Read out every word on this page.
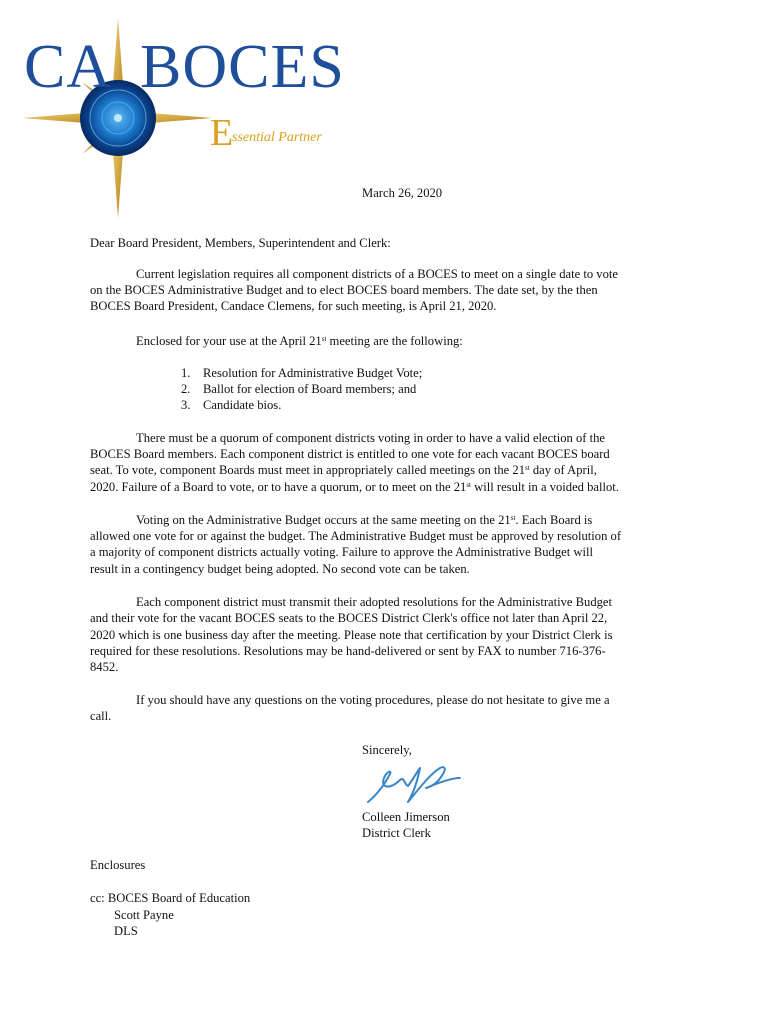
CA BOCES
E
ssential Partner
March 26, 2020
Dear Board President, Members, Superintendent and Clerk:
Current legislation requires all component districts of a BOCES to meet on a single date to vote
on the BOCES Administrative Budget and to elect BOCES board members. The date set, by the then
BOCES Board President, Candace Clemens, for such meeting, is April 21, 2020.
Enclosed for your use at the April 21st meeting are the following:
1. Resolution for Administrative Budget Vote;
2. Ballot for election of Board members; and
3. Candidate bios.
There must be a quorum of component districts voting in order to have a valid election of the
BOCES Board members. Each component district is entitled to one vote for each vacant BOCES board
seat. To vote, component Boards must meet in appropriately called meetings on the 21st day of April,
2020. Failure of a Board to vote, or to have a quorum, or to meet on the 21st will result in a voided ballot.
Voting on the Administrative Budget occurs at the same meeting on the 21st. Each Board is
allowed one vote for or against the budget. The Administrative Budget must be approved by resolution of
a majority of component districts actually voting. Failure to approve the Administrative Budget will
result in a contingency budget being adopted. No second vote can be taken.
Each component district must transmit their adopted resolutions for the Administrative Budget
and their vote for the vacant BOCES seats to the BOCES District Clerk's office not later than April 22,
2020 which is one business day after the meeting. Please note that certification by your District Clerk is
required for these resolutions. Resolutions may be hand-delivered or sent by FAX to number 716-376-
8452.
If you should have any questions on the voting procedures, please do not hesitate to give me a
call.
Sincerely,
Colleen Jimerson
District Clerk
Enclosures
cc: BOCES Board of Education
Scott Payne
DLS
